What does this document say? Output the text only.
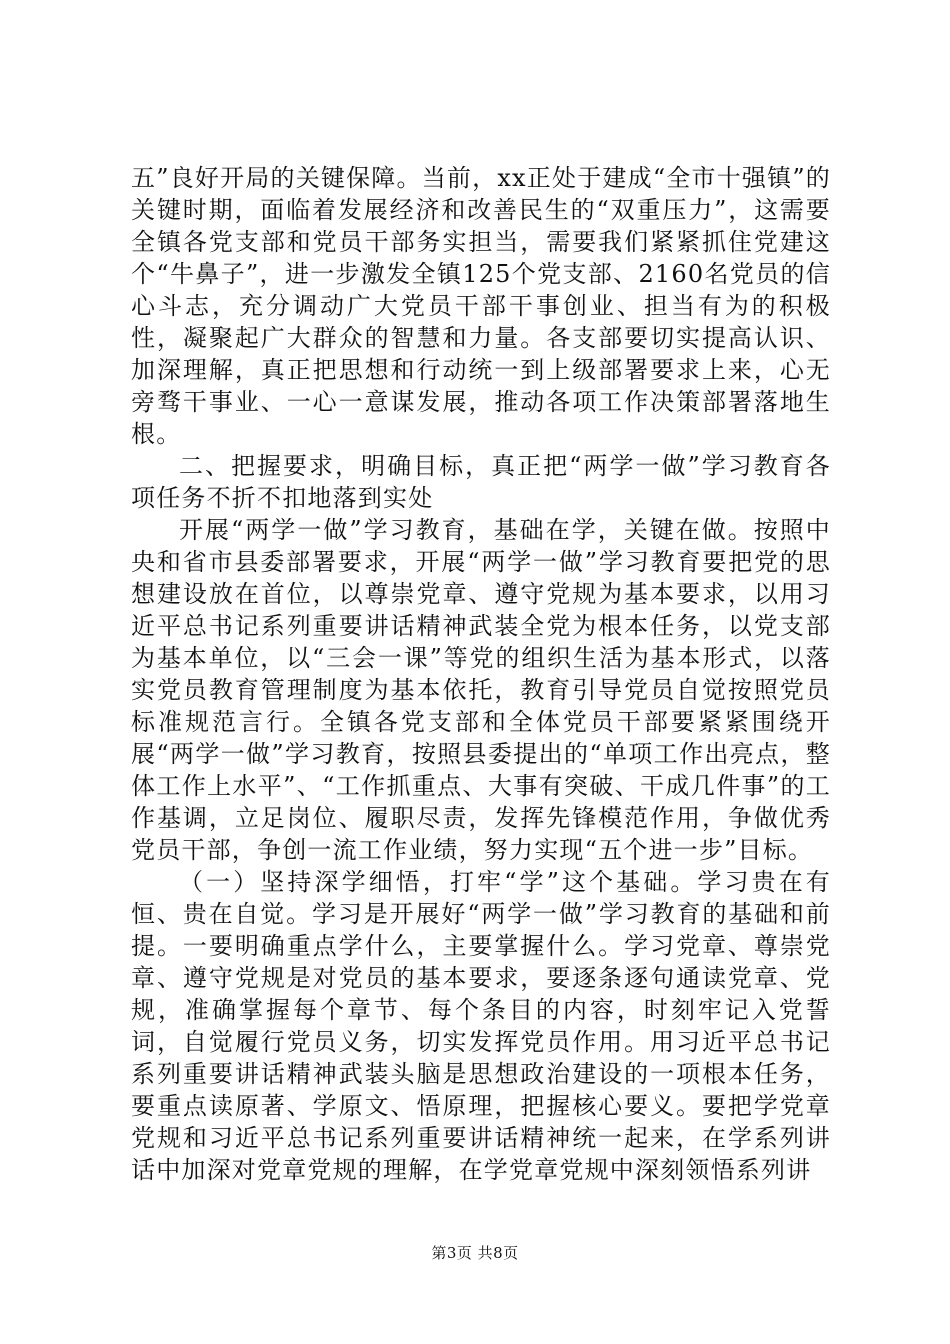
五”良好开局的关键保障。当前，xx正处于建成“全市十强镇”的关键时期，面临着发展经济和改善民生的“双重压力”，这需要全镇各党支部和党员干部务实担当，需要我们紧紧抓住党建这个“牛鼻子”，进一步激发全镇125个党支部、2160名党员的信心斗志，充分调动广大党员干部干事创业、担当有为的积极性，凝聚起广大群众的智慧和力量。各支部要切实提高认识、加深理解，真正把思想和行动统一到上级部署要求上来，心无旁骛干事业、一心一意谋发展，推动各项工作决策部署落地生根。

二、把握要求，明确目标，真正把“两学一做”学习教育各项任务不折不扣地落到实处

开展“两学一做”学习教育，基础在学，关键在做。按照中央和省市县委部署要求，开展“两学一做”学习教育要把党的思想建设放在首位，以尊崇党章、遵守党规为基本要求，以用习近平总书记系列重要讲话精神武装全党为根本任务，以党支部为基本单位，以“三会一课”等党的组织生活为基本形式，以落实党员教育管理制度为基本依托，教育引导党员自觉按照党员标准规范言行。全镇各党支部和全体党员干部要紧紧围绕开展“两学一做”学习教育，按照县委提出的“单项工作出亮点，整体工作上水平”、“工作抓重点、大事有突破、干成几件事”的工作基调，立足岗位、履职尽责，发挥先锋模范作用，争做优秀党员干部，争创一流工作业绩，努力实现“五个进一步”目标。

（一）坚持深学细悟，打牢“学”这个基础。学习贵在有恒、贵在自觉。学习是开展好“两学一做”学习教育的基础和前提。一要明确重点学什么，主要掌握什么。学习党章、尊崇党章、遵守党规是对党员的基本要求，要逐条逐句通读党章、党规，准确掌握每个章节、每个条目的内容，时刻牢记入党誓词，自觉履行党员义务，切实发挥党员作用。用习近平总书记系列重要讲话精神武装头脑是思想政治建设的一项根本任务，要重点读原著、学原文、悟原理，把握核心要义。要把学党章党规和习近平总书记系列重要讲话精神统一起来，在学系列讲话中加深对党章党规的理解，在学党章党规中深刻领悟系列讲

第3页 共8页
